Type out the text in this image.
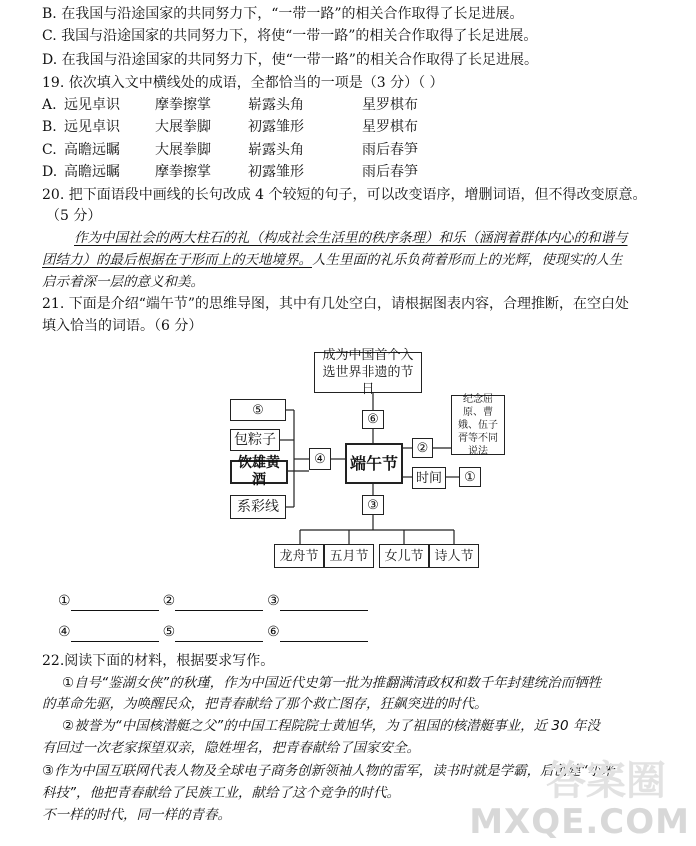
B. 在我国与沿途国家的共同努力下，“一带一路”的相关合作取得了长足进展。
C. 我国与沿途国家的共同努力下，将使“一带一路”的相关合作取得了长足进展。
D. 在我国与沿途国家的共同努力下，使“一带一路”的相关合作取得了长足进展。
19. 依次填入文中横线处的成语，全都恰当的一项是（3 分）（ ）
A. 远见卓识	摩拳擦掌	崭露头角	星罗棋布
B. 远见卓识	大展拳脚	初露雏形	星罗棋布
C. 高瞻远瞩	大展拳脚	崭露头角	雨后春笋
D. 高瞻远瞩	摩拳擦掌	初露雏形	雨后春笋
20. 把下面语段中画线的长句改成 4 个较短的句子，可以改变语序，增删词语，但不得改变原意。
（5 分）
作为中国社会的两大柱石的礼（构成社会生活里的秩序条理）和乐（涵润着群体内心的和谐与
团结力）的最后根据在于形而上的天地境界。人生里面的礼乐负荷着形而上的光辉，使现实的人生
启示着深一层的意义和美。
21. 下面是介绍“端午节”的思维导图，其中有几处空白，请根据图表内容，合理推断，在空白处
填入恰当的词语。（6 分）
成为中国首个入选世界非遗的节日
⑥
端午节
③
④
②
纪念屈原、曹娥、伍子胥等不同说法
时间	①
⑤
包粽子
饮雄黄酒
系彩线
龙舟节 五月节	女儿节 诗人节
①	②	③
④	⑤	⑥
22.阅读下面的材料，根据要求写作。
①自号“鉴湖女侠”的秋瑾，作为中国近代史第一批为推翻满清政权和数千年封建统治而牺牲
的革命先驱，为唤醒民众，把青春献给了那个救亡图存，狂飙突进的时代。
②被誉为“中国核潜艇之父”的中国工程院院士黄旭华，为了祖国的核潜艇事业，近 30 年没
有回过一次老家探望双亲，隐姓埋名，把青春献给了国家安全。
③作为中国互联网代表人物及全球电子商务创新领袖人物的雷军，读书时就是学霸，后创建“小米
科技”，他把青春献给了民族工业，献给了这个竞争的时代。
不一样的时代，同一样的青春。
答案圈
MXQE.COM
